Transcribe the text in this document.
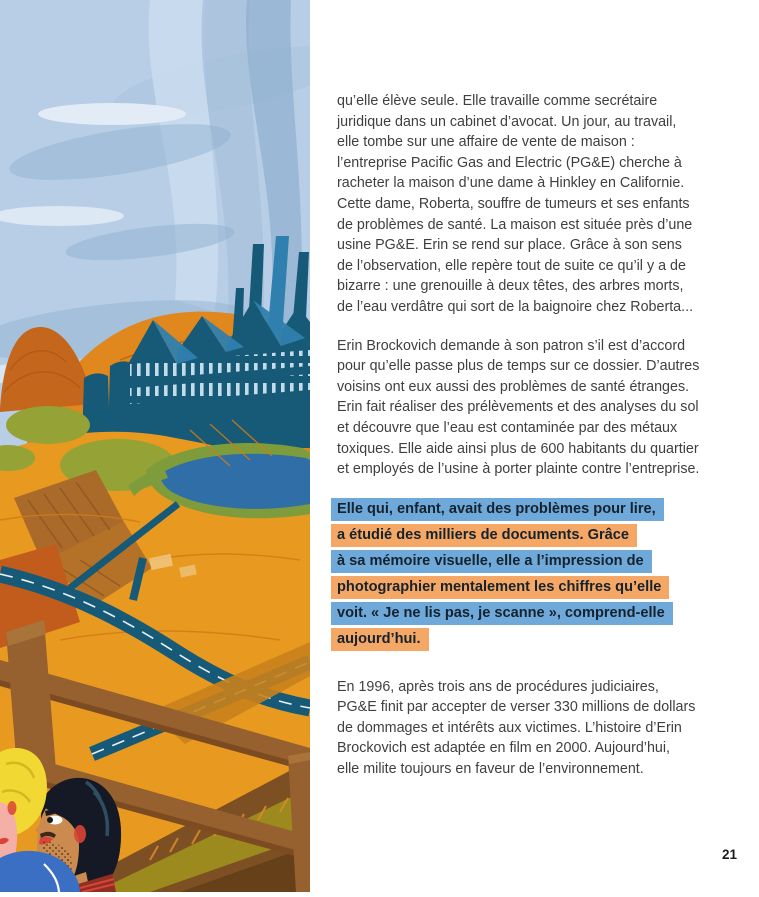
qu’elle élève seule. Elle travaille comme secrétaire
juridique dans un cabinet d’avocat. Un jour, au travail,
elle tombe sur une affaire de vente de maison :
l’entreprise Pacific Gas and Electric (PG&E) cherche à
racheter la maison d’une dame à Hinkley en Californie.
Cette dame, Roberta, souffre de tumeurs et ses enfants
de problèmes de santé. La maison est située près d’une
usine PG&E. Erin se rend sur place. Grâce à son sens
de l’observation, elle repère tout de suite ce qu’il y a de
bizarre : une grenouille à deux têtes, des arbres morts,
de l’eau verdâtre qui sort de la baignoire chez Roberta...
Erin Brockovich demande à son patron s’il est d’accord
pour qu’elle passe plus de temps sur ce dossier. D’autres
voisins ont eux aussi des problèmes de santé étranges.
Erin fait réaliser des prélèvements et des analyses du sol
et découvre que l’eau est contaminée par des métaux
toxiques. Elle aide ainsi plus de 600 habitants du quartier
et employés de l’usine à porter plainte contre l’entreprise.
Elle qui, enfant, avait des problèmes pour lire,
a étudié des milliers de documents. Grâce
à sa mémoire visuelle, elle a l’impression de
photographier mentalement les chiffres qu’elle
voit. « Je ne lis pas, je scanne », comprend-elle
aujourd’hui.
En 1996, après trois ans de procédures judiciaires,
PG&E finit par accepter de verser 330 millions de dollars
de dommages et intérêts aux victimes. L’histoire d’Erin
Brockovich est adaptée en film en 2000. Aujourd’hui,
elle milite toujours en faveur de l’environnement.
21
